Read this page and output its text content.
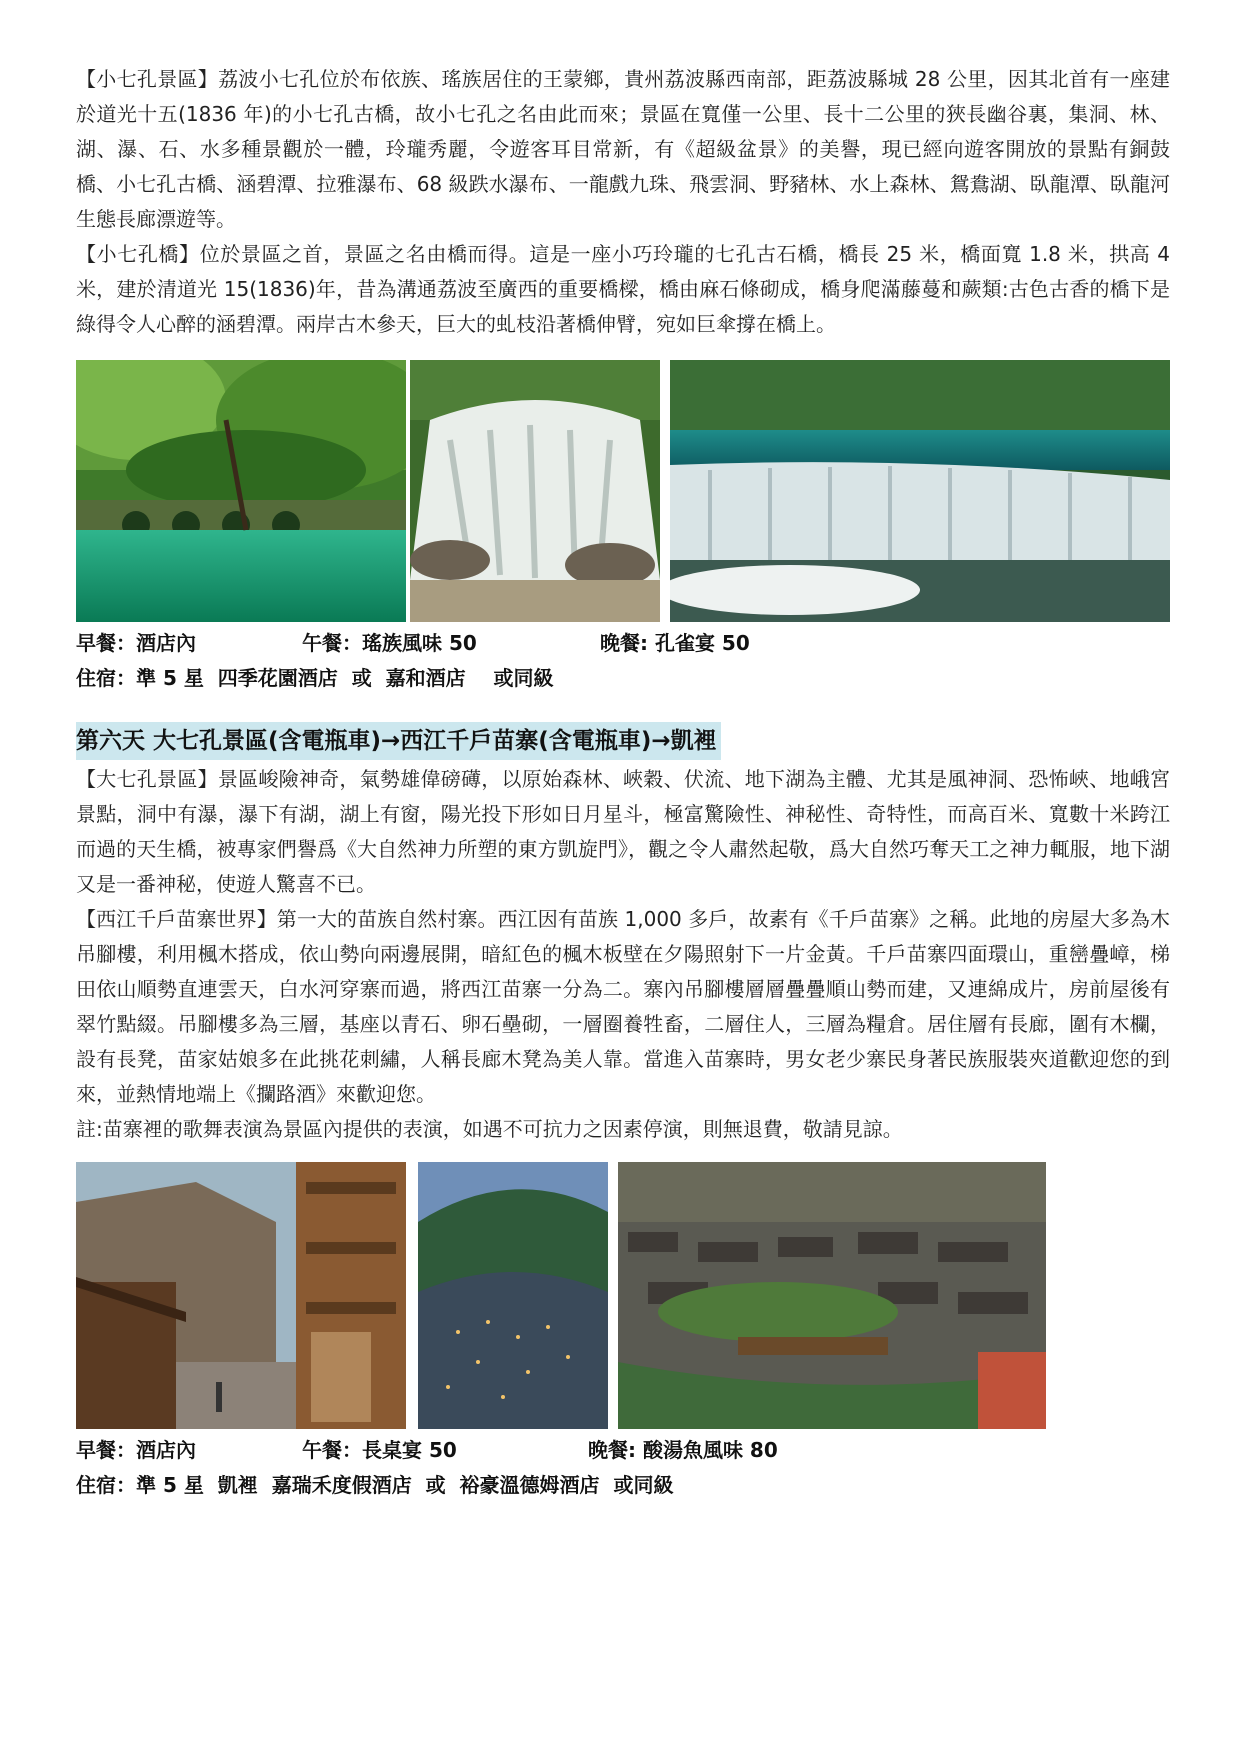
【小七孔景區】荔波小七孔位於布依族、瑤族居住的王蒙鄉，貴州荔波縣西南部，距荔波縣城 28 公里，因其北首有一座建於道光十五(1836 年)的小七孔古橋，故小七孔之名由此而來；景區在寬僅一公里、長十二公里的狹長幽谷裏，集洞、林、湖、瀑、石、水多種景觀於一體，玲瓏秀麗，令遊客耳目常新，有《超級盆景》的美譽，現已經向遊客開放的景點有銅鼓橋、小七孔古橋、涵碧潭、拉雅瀑布、68 級跌水瀑布、一龍戲九珠、飛雲洞、野豬林、水上森林、鴛鴦湖、臥龍潭、臥龍河生態長廊漂遊等。

【小七孔橋】位於景區之首，景區之名由橋而得。這是一座小巧玲瓏的七孔古石橋，橋長 25 米，橋面寬 1.8 米，拱高 4 米，建於清道光 15(1836)年，昔為溝通荔波至廣西的重要橋樑，橋由麻石條砌成，橋身爬滿藤蔓和蕨類:古色古香的橋下是綠得令人心醉的涵碧潭。兩岸古木參天，巨大的虬枝沿著橋伸臂，宛如巨傘撐在橋上。

早餐：酒店內	午餐：瑤族風味 50	晚餐: 孔雀宴 50
住宿：準 5 星  四季花園酒店  或  嘉和酒店    或同級
第六天 大七孔景區(含電瓶車)→西江千戶苗寨(含電瓶車)→凱裡

【大七孔景區】景區峻險神奇，氣勢雄偉磅礡，以原始森林、峽穀、伏流、地下湖為主體、尤其是風神洞、恐怖峽、地峨宮景點，洞中有瀑，瀑下有湖，湖上有窗，陽光投下形如日月星斗，極富驚險性、神秘性、奇特性，而高百米、寬數十米跨江而過的天生橋，被專家們譽爲《大自然神力所塑的東方凱旋門》，觀之令人肅然起敬，爲大自然巧奪天工之神力輒服，地下湖又是一番神秘，使遊人驚喜不已。

【西江千戶苗寨世界】第一大的苗族自然村寨。西江因有苗族 1,000 多戶，故素有《千戶苗寨》之稱。此地的房屋大多為木吊腳樓，利用楓木搭成，依山勢向兩邊展開，暗紅色的楓木板壁在夕陽照射下一片金黃。千戶苗寨四面環山，重巒疊嶂，梯田依山順勢直連雲天，白水河穿寨而過，將西江苗寨一分為二。寨內吊腳樓層層疊疊順山勢而建，又連綿成片，房前屋後有翠竹點綴。吊腳樓多為三層，基座以青石、卵石壘砌，一層圈養牲畜，二層住人，三層為糧倉。居住層有長廊，圍有木欄，設有長凳，苗家姑娘多在此挑花刺繡，人稱長廊木凳為美人靠。當進入苗寨時，男女老少寨民身著民族服裝夾道歡迎您的到來，並熱情地端上《攔路酒》來歡迎您。

註:苗寨裡的歌舞表演為景區內提供的表演，如遇不可抗力之因素停演，則無退費，敬請見諒。

早餐：酒店內	午餐：長桌宴 50	晚餐: 酸湯魚風味 80
住宿：準 5 星  凱裡  嘉瑞禾度假酒店  或  裕豪溫德姆酒店  或同級
